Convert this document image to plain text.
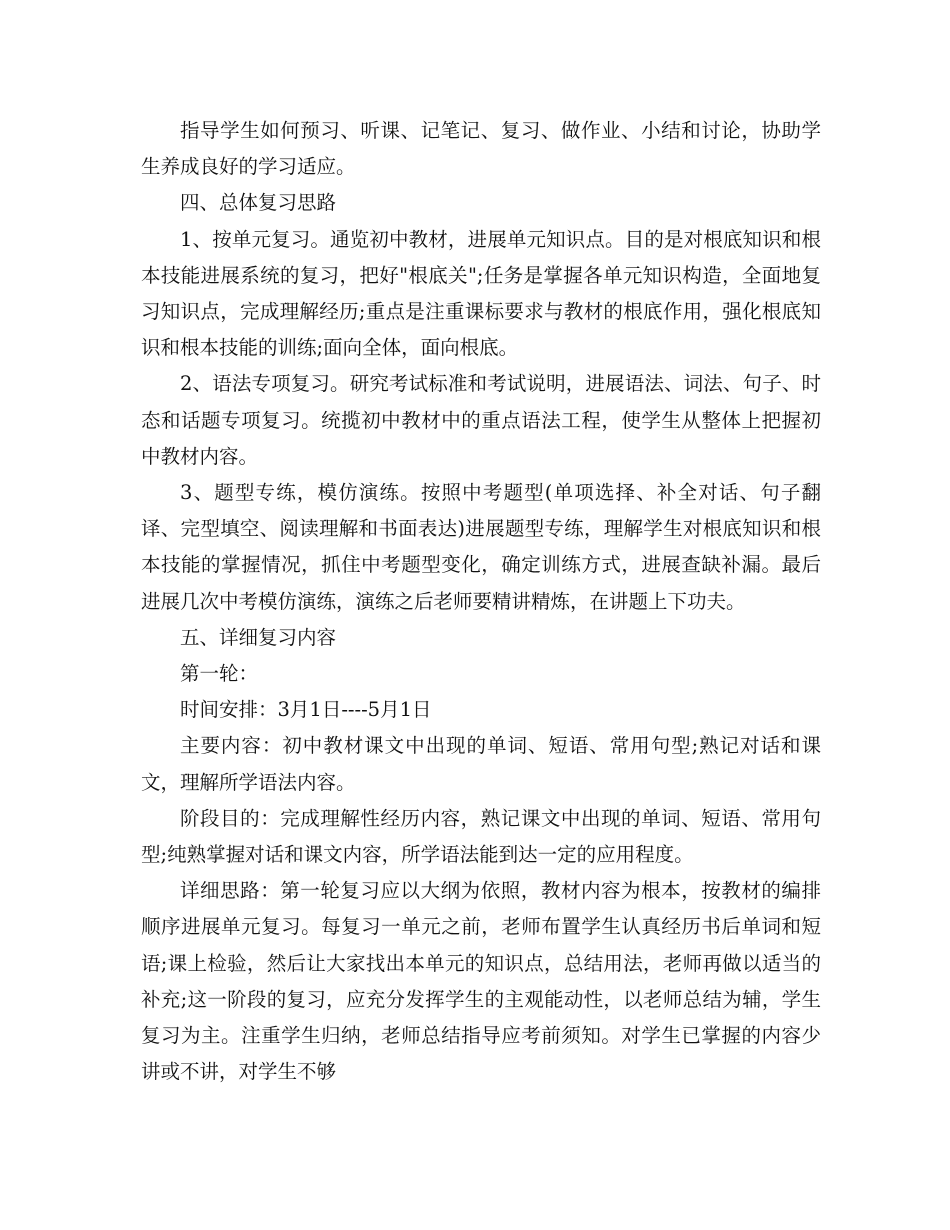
指导学生如何预习、听课、记笔记、复习、做作业、小结和讨论，协助学生养成良好的学习适应。

四、总体复习思路

1、按单元复习。通览初中教材，进展单元知识点。目的是对根底知识和根本技能进展系统的复习，把好"根底关";任务是掌握各单元知识构造，全面地复习知识点，完成理解经历;重点是注重课标要求与教材的根底作用，强化根底知识和根本技能的训练;面向全体，面向根底。

2、语法专项复习。研究考试标准和考试说明，进展语法、词法、句子、时态和话题专项复习。统揽初中教材中的重点语法工程，使学生从整体上把握初中教材内容。

3、题型专练，模仿演练。按照中考题型(单项选择、补全对话、句子翻译、完型填空、阅读理解和书面表达)进展题型专练，理解学生对根底知识和根本技能的掌握情况，抓住中考题型变化，确定训练方式，进展查缺补漏。最后进展几次中考模仿演练，演练之后老师要精讲精炼，在讲题上下功夫。

五、详细复习内容

第一轮：

时间安排：3月1日----5月1日

主要内容：初中教材课文中出现的单词、短语、常用句型;熟记对话和课文，理解所学语法内容。

阶段目的：完成理解性经历内容，熟记课文中出现的单词、短语、常用句型;纯熟掌握对话和课文内容，所学语法能到达一定的应用程度。

详细思路：第一轮复习应以大纲为依照，教材内容为根本，按教材的编排顺序进展单元复习。每复习一单元之前，老师布置学生认真经历书后单词和短语;课上检验，然后让大家找出本单元的知识点，总结用法，老师再做以适当的补充;这一阶段的复习，应充分发挥学生的主观能动性，以老师总结为辅，学生复习为主。注重学生归纳，老师总结指导应考前须知。对学生已掌握的内容少讲或不讲，对学生不够
